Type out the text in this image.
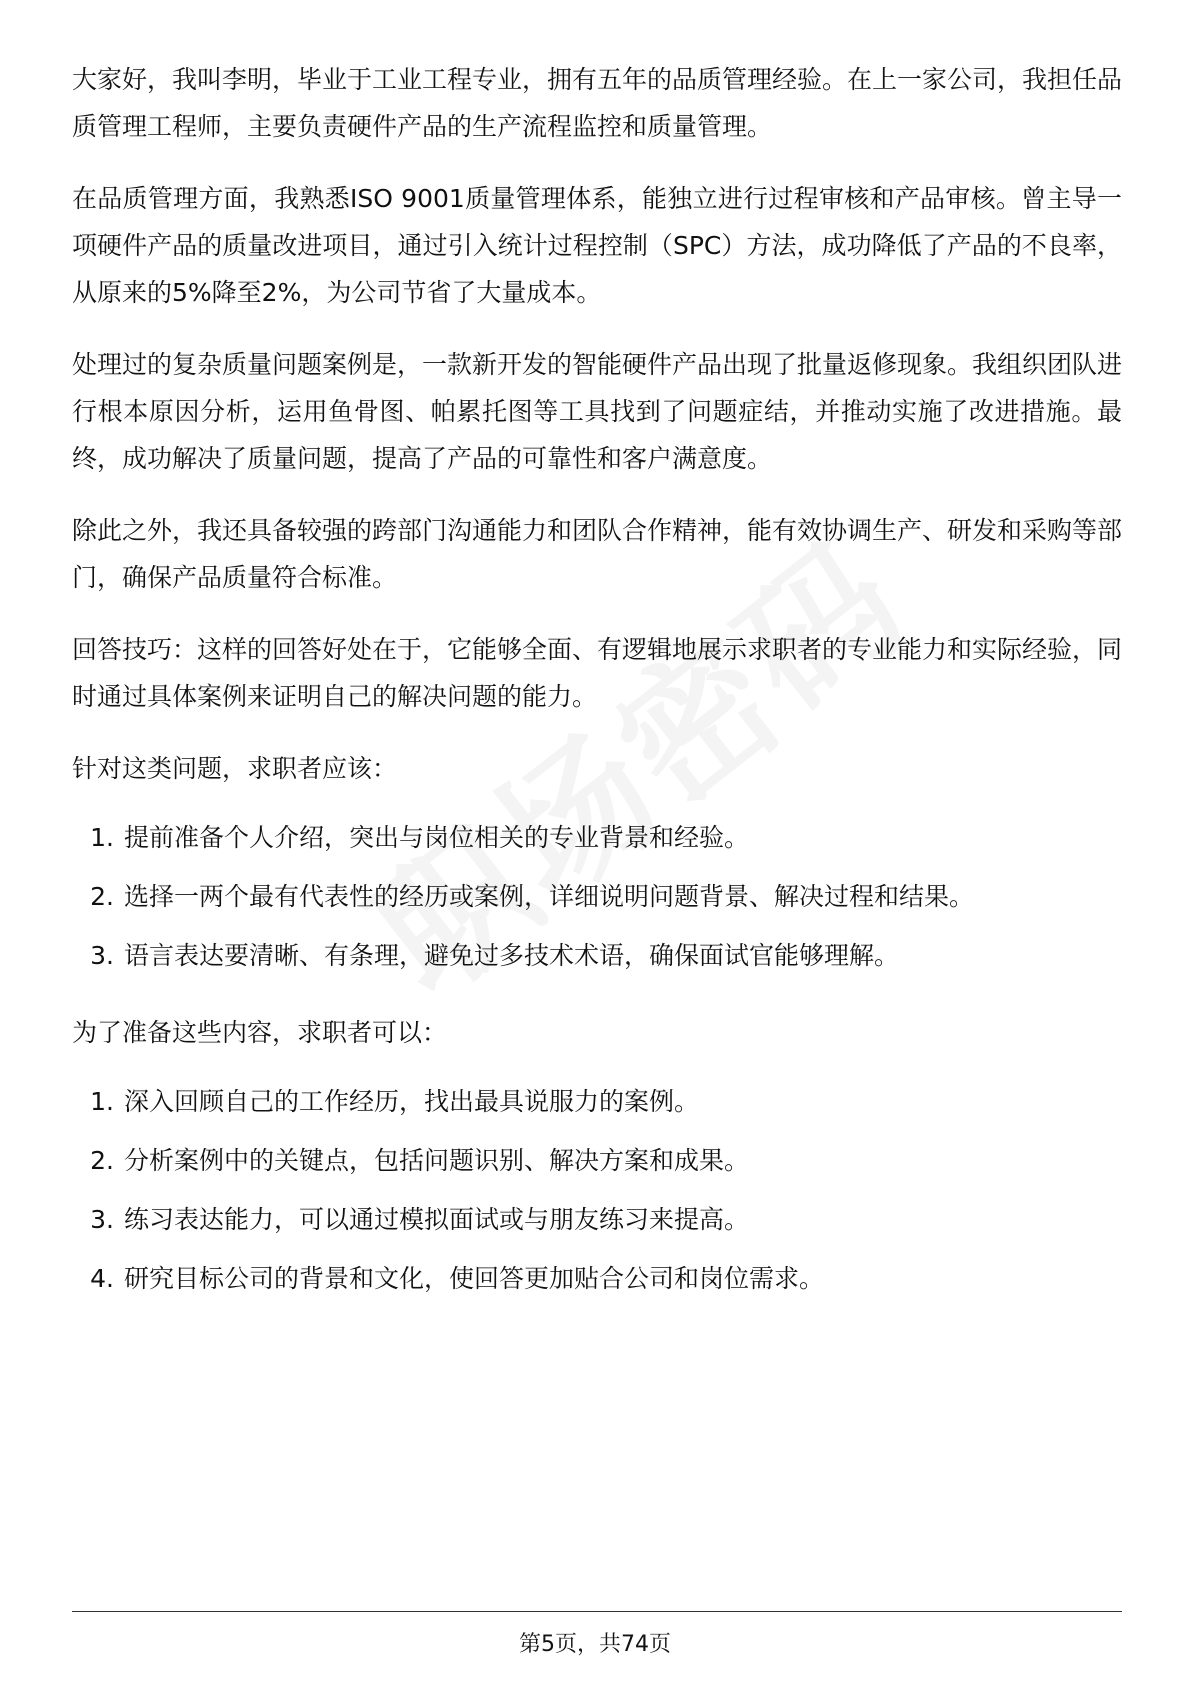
大家好，我叫李明，毕业于工业工程专业，拥有五年的品质管理经验。在上一家公司，我担任品质管理工程师，主要负责硬件产品的生产流程监控和质量管理。

在品质管理方面，我熟悉ISO 9001质量管理体系，能独立进行过程审核和产品审核。曾主导一项硬件产品的质量改进项目，通过引入统计过程控制（SPC）方法，成功降低了产品的不良率，从原来的5%降至2%，为公司节省了大量成本。

处理过的复杂质量问题案例是，一款新开发的智能硬件产品出现了批量返修现象。我组织团队进行根本原因分析，运用鱼骨图、帕累托图等工具找到了问题症结，并推动实施了改进措施。最终，成功解决了质量问题，提高了产品的可靠性和客户满意度。

除此之外，我还具备较强的跨部门沟通能力和团队合作精神，能有效协调生产、研发和采购等部门，确保产品质量符合标准。

回答技巧：这样的回答好处在于，它能够全面、有逻辑地展示求职者的专业能力和实际经验，同时通过具体案例来证明自己的解决问题的能力。

针对这类问题，求职者应该：

1. 提前准备个人介绍，突出与岗位相关的专业背景和经验。
2. 选择一两个最有代表性的经历或案例，详细说明问题背景、解决过程和结果。
3. 语言表达要清晰、有条理，避免过多技术术语，确保面试官能够理解。

为了准备这些内容，求职者可以：

1. 深入回顾自己的工作经历，找出最具说服力的案例。
2. 分析案例中的关键点，包括问题识别、解决方案和成果。
3. 练习表达能力，可以通过模拟面试或与朋友练习来提高。
4. 研究目标公司的背景和文化，使回答更加贴合公司和岗位需求。
第5页，共74页
